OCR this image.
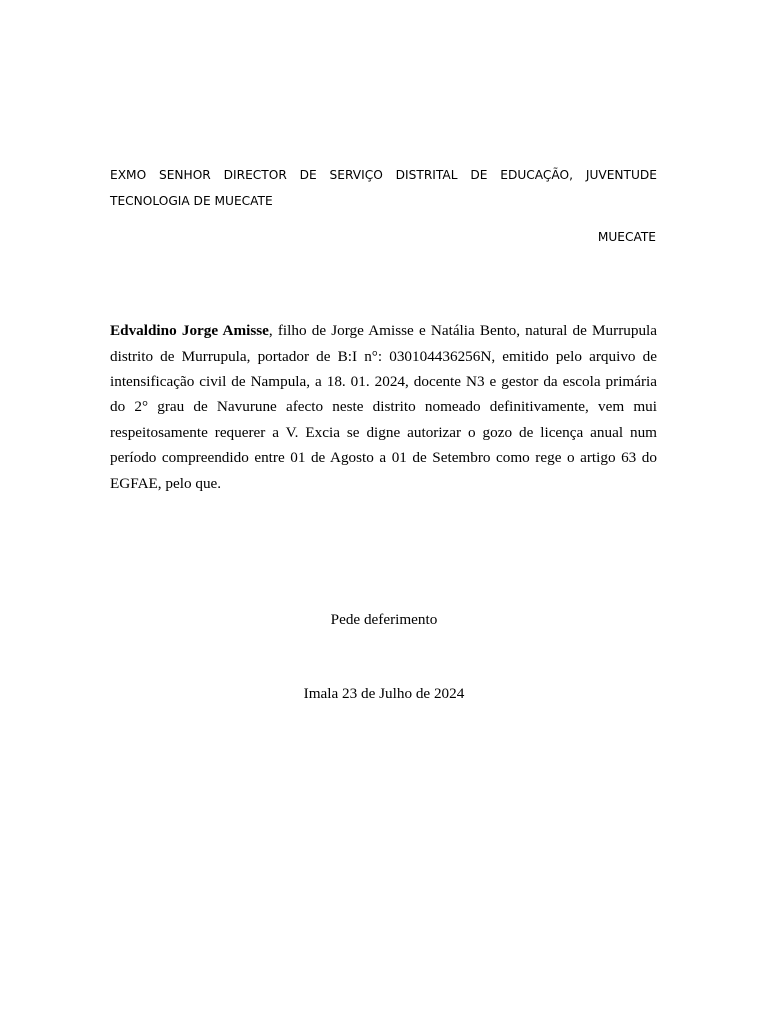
EXMO SENHOR DIRECTOR DE SERVIÇO DISTRITAL DE EDUCAÇÃO, JUVENTUDE
TECNOLOGIA DE MUECATE
MUECATE

Edvaldino Jorge Amisse, filho de Jorge Amisse e Natália Bento, natural de Murrupula distrito de Murrupula, portador de B:I n°: 030104436256N, emitido pelo arquivo de intensificação civil de Nampula, a 18. 01. 2024, docente N3 e gestor da escola primária do 2° grau de Navurune afecto neste distrito nomeado definitivamente, vem mui respeitosamente requerer a V. Excia se digne autorizar o gozo de licença anual num período compreendido entre 01 de Agosto a 01 de Setembro como rege o artigo 63 do EGFAE, pelo que.

Pede deferimento
Imala 23 de Julho de 2024
